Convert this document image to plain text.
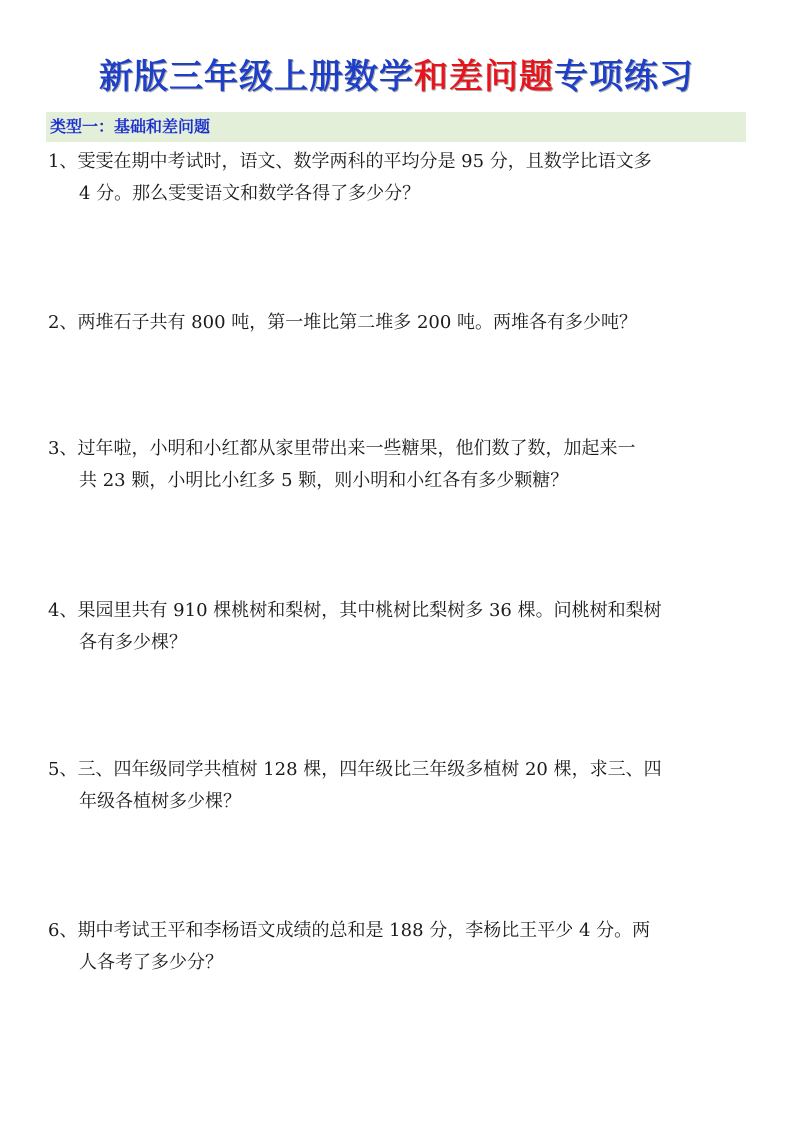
新版三年级上册数学和差问题专项练习
类型一：基础和差问题
1、雯雯在期中考试时，语文、数学两科的平均分是 95 分，且数学比语文多
4 分。那么雯雯语文和数学各得了多少分？
2、两堆石子共有 800 吨，第一堆比第二堆多 200 吨。两堆各有多少吨？
3、过年啦，小明和小红都从家里带出来一些糖果，他们数了数，加起来一
共 23 颗，小明比小红多 5 颗，则小明和小红各有多少颗糖？
4、果园里共有 910 棵桃树和梨树，其中桃树比梨树多 36 棵。问桃树和梨树
各有多少棵？
5、三、四年级同学共植树 128 棵，四年级比三年级多植树 20 棵，求三、四
年级各植树多少棵？
6、期中考试王平和李杨语文成绩的总和是 188 分，李杨比王平少 4 分。两
人各考了多少分？
